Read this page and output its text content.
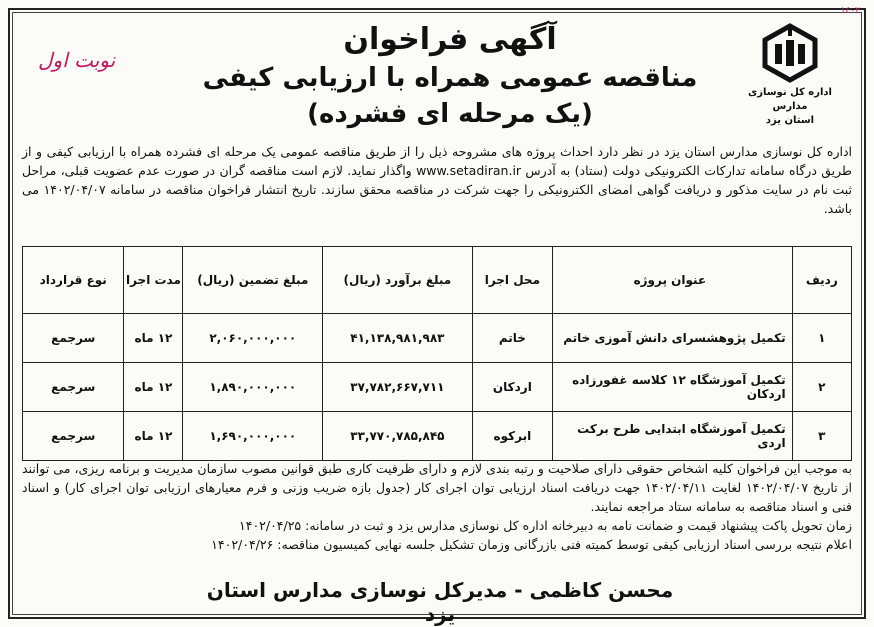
١٤٠٢
اداره کل نوسازی مدارس
استان یزد
نوبت اول
آگهی فراخوان
مناقصه عمومی همراه با ارزیابی کیفی
(یک مرحله ای فشرده)
اداره کل نوسازی مدارس استان یزد در نظر دارد احداث پروژه های مشروحه ذیل را از طریق مناقصه عمومی یک مرحله ای فشرده همراه با ارزیابی کیفی و از طریق درگاه سامانه تدارکات الکترونیکی دولت (ستاد) به آدرس www.setadiran.ir واگذار نماید. لازم است مناقصه گران در صورت عدم عضویت قبلی، مراحل ثبت نام در سایت مذکور و دریافت گواهی امضای الکترونیکی را جهت شرکت در مناقصه محقق سازند. تاریخ انتشار فراخوان مناقصه در سامانه ۱۴۰۲/۰۴/۰۷ می باشد.
ردیف	عنوان پروژه	محل اجرا	مبلغ برآورد (ریال)	مبلغ تضمین (ریال)	مدت اجرا	نوع قرارداد
۱	تکمیل پژوهشسرای دانش آموزی خاتم	خاتم	۴۱,۱۳۸,۹۸۱,۹۸۳	۲,۰۶۰,۰۰۰,۰۰۰	۱۲ ماه	سرجمع
۲	تکمیل آموزشگاه ۱۲ کلاسه غفورزاده اردکان	اردکان	۳۷,۷۸۲,۶۶۷,۷۱۱	۱,۸۹۰,۰۰۰,۰۰۰	۱۲ ماه	سرجمع
۳	تکمیل آموزشگاه ابتدایی طرح برکت اردی	ابرکوه	۳۳,۷۷۰,۷۸۵,۸۴۵	۱,۶۹۰,۰۰۰,۰۰۰	۱۲ ماه	سرجمع

به موجب این فراخوان کلیه اشخاص حقوقی دارای صلاحیت و رتبه بندی لازم و دارای ظرفیت کاری طبق قوانین مصوب سازمان مدیریت و برنامه ریزی، می توانند از تاریخ ۱۴۰۲/۰۴/۰۷ لغایت ۱۴۰۲/۰۴/۱۱ جهت دریافت اسناد ارزیابی توان اجرای کار (جدول بازه ضریب وزنی و فرم معیارهای ارزیابی توان اجرای کار) و اسناد فنی و اسناد مناقصه به سامانه ستاد مراجعه نمایند.

زمان تحویل پاکت پیشنهاد قیمت و ضمانت نامه به دبیرخانه اداره کل نوسازی مدارس یزد و ثبت در سامانه: ۱۴۰۲/۰۴/۲۵

اعلام نتیجه بررسی اسناد ارزیابی کیفی توسط کمیته فنی بازرگانی وزمان تشکیل جلسه نهایی کمیسیون مناقصه: ۱۴۰۲/۰۴/۲۶

محسن کاظمی - مدیرکل نوسازی مدارس استان یزد
